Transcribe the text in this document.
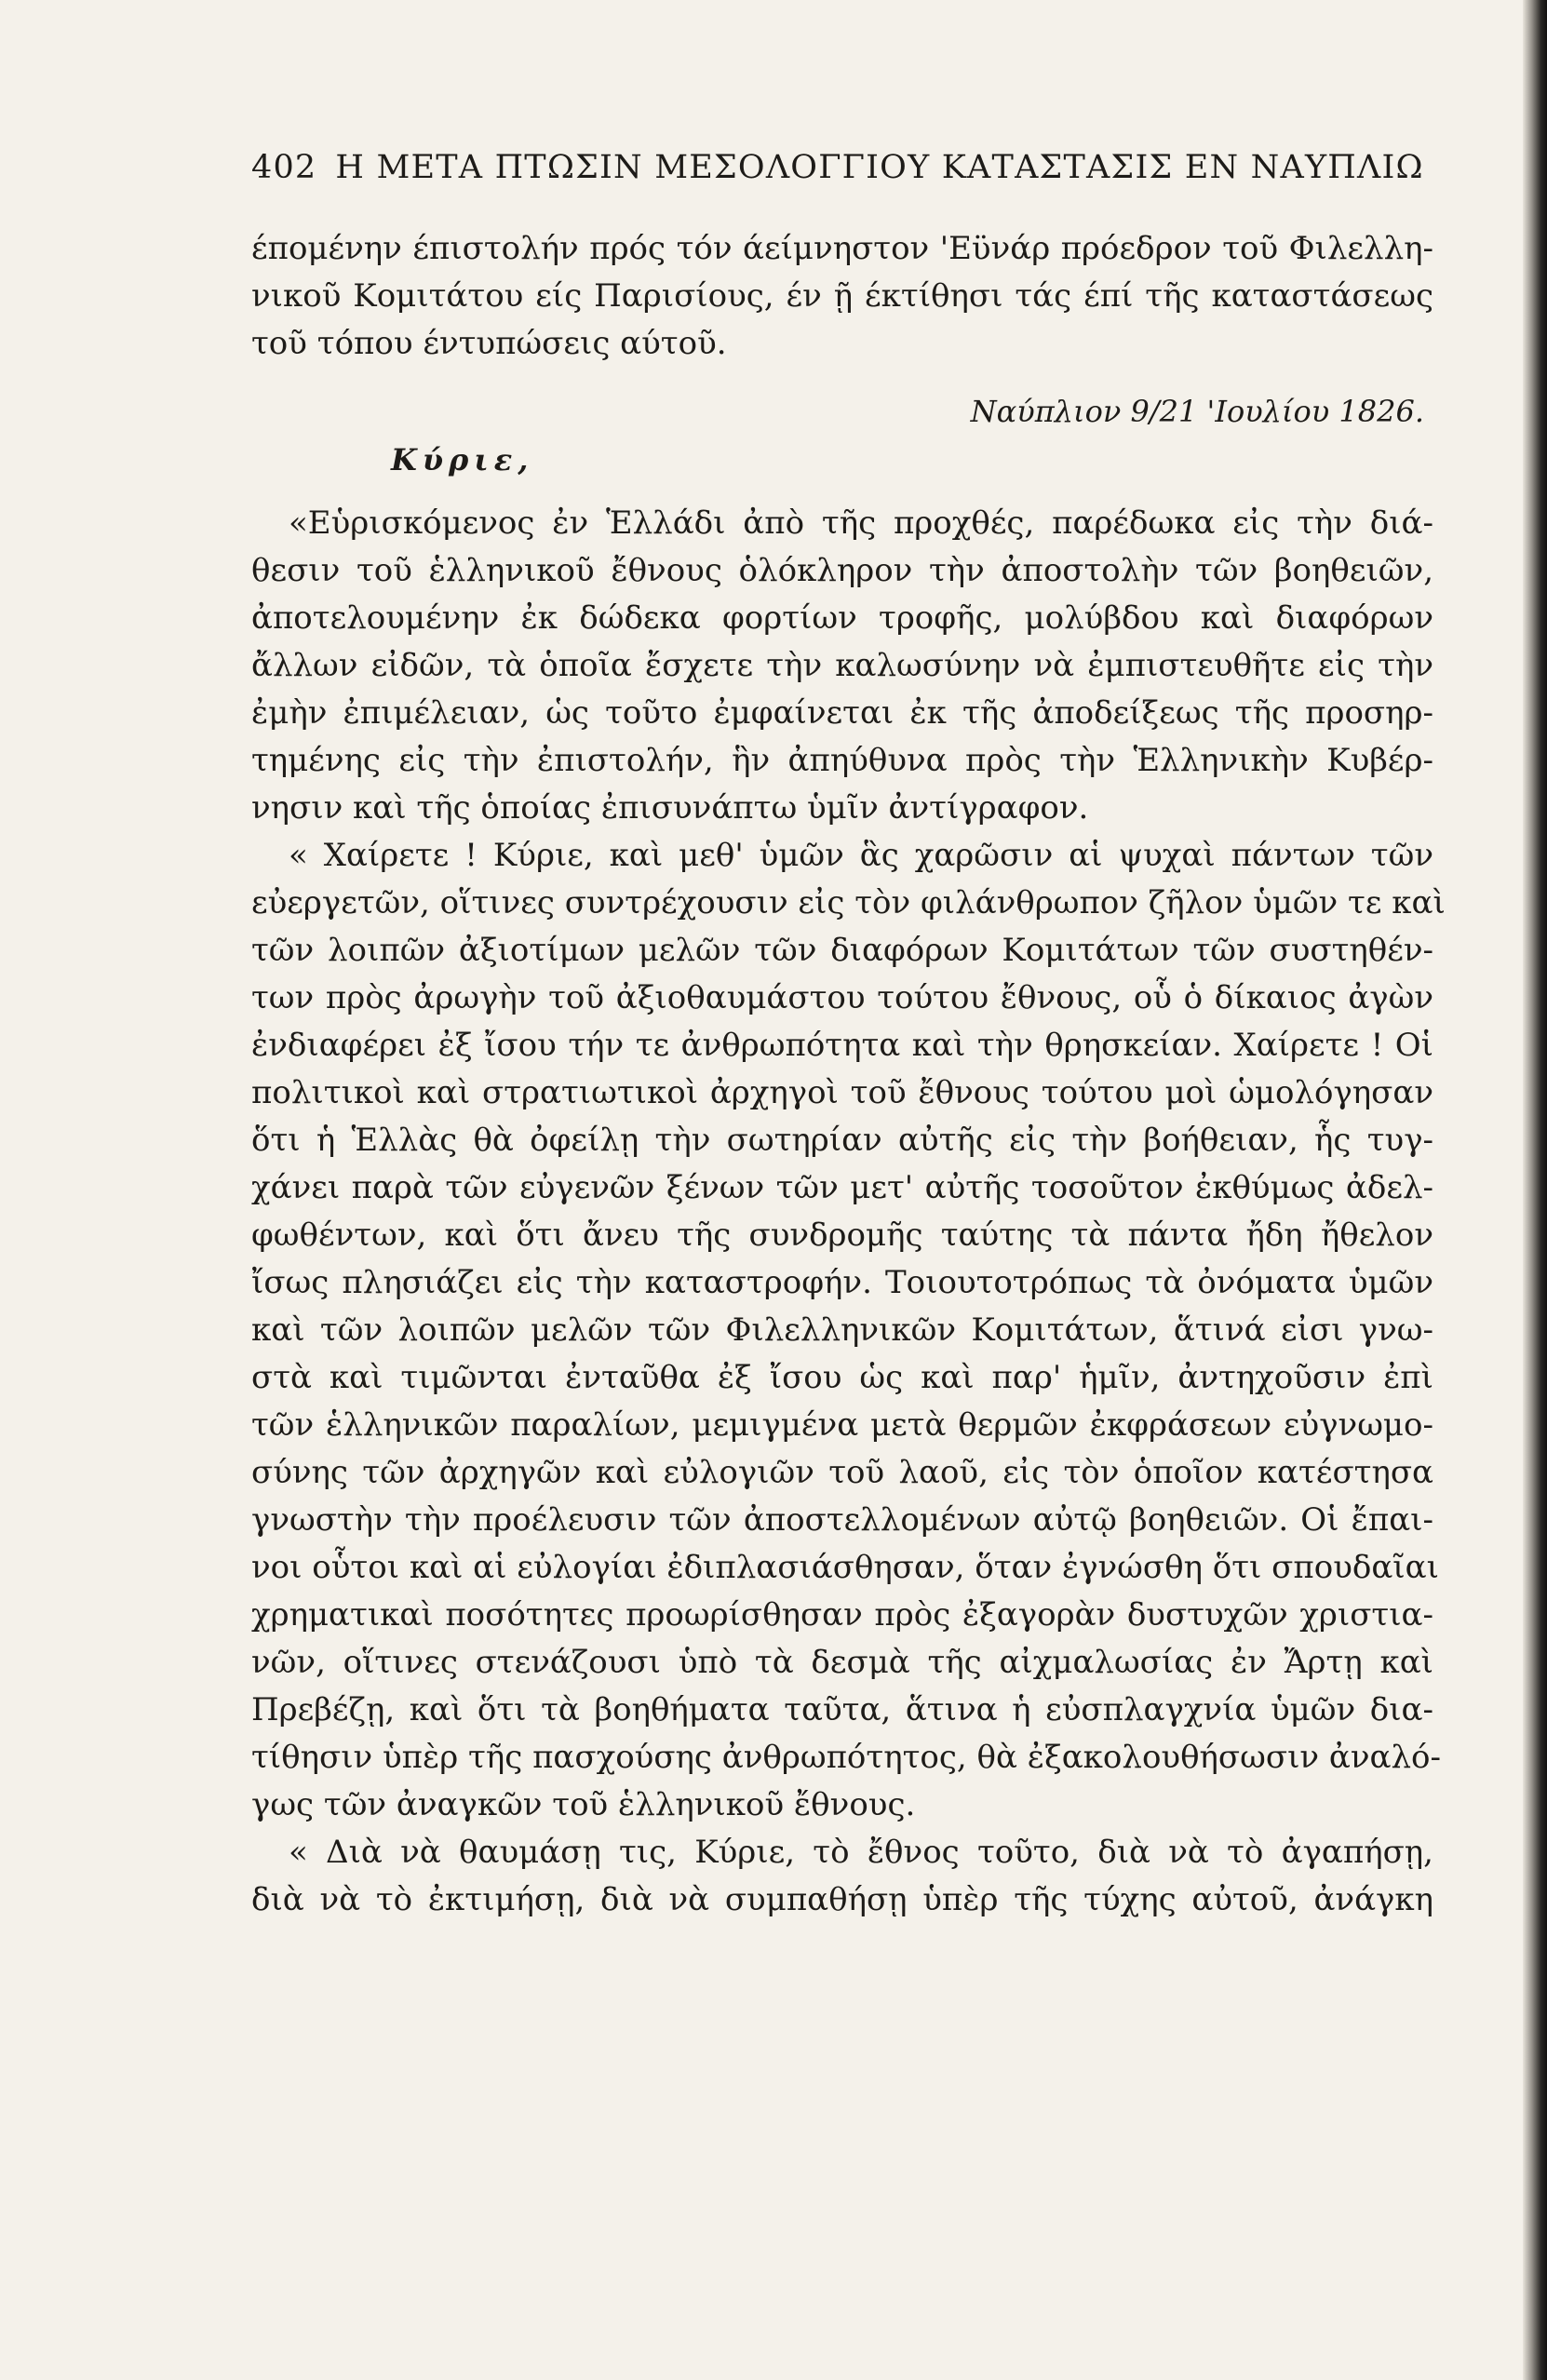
402 Η ΜΕΤΑ ΠΤΩΣΙΝ ΜΕΣΟΛΟΓΓΙΟΥ ΚΑΤΑΣΤΑΣΙΣ ΕΝ ΝΑΥΠΛΙΩ
έπομένην έπιστολήν πρός τόν άείμνηστον 'Εϋνάρ πρόεδρον τοῦ Φιλελλη-
νικοῦ Κομιτάτου είς Παρισίους, έν ῇ έκτίθησι τάς έπί τῆς καταστάσεως
τοῦ τόπου έντυπώσεις αύτοῦ.
Ναύπλιον 9/21 'Ιουλίου 1826.
Κύριε,
«Εὑρισκόμενος ἐν Ἑλλάδι ἀπὸ τῆς προχθές, παρέδωκα εἰς τὴν διά-
θεσιν τοῦ ἑλληνικοῦ ἔθνους ὁλόκληρον τὴν ἀποστολὴν τῶν βοηθειῶν,
ἀποτελουμένην ἐκ δώδεκα φορτίων τροφῆς, μολύβδου καὶ διαφόρων
ἄλλων εἰδῶν, τὰ ὁποῖα ἔσχετε τὴν καλωσύνην νὰ ἐμπιστευθῆτε εἰς τὴν
ἐμὴν ἐπιμέλειαν, ὡς τοῦτο ἐμφαίνεται ἐκ τῆς ἀποδείξεως τῆς προσηρ-
τημένης εἰς τὴν ἐπιστολήν, ἣν ἀπηύθυνα πρὸς τὴν Ἑλληνικὴν Κυβέρ-
νησιν καὶ τῆς ὁποίας ἐπισυνάπτω ὑμῖν ἀντίγραφον.
« Χαίρετε ! Κύριε, καὶ μεθ' ὑμῶν ἃς χαρῶσιν αἱ ψυχαὶ πάντων τῶν
εὐεργετῶν, οἵτινες συντρέχουσιν εἰς τὸν φιλάνθρωπον ζῆλον ὑμῶν τε καὶ
τῶν λοιπῶν ἀξιοτίμων μελῶν τῶν διαφόρων Κομιτάτων τῶν συστηθέν-
των πρὸς ἀρωγὴν τοῦ ἀξιοθαυμάστου τούτου ἔθνους, οὗ ὁ δίκαιος ἀγὼν
ἐνδιαφέρει ἐξ ἴσου τήν τε ἀνθρωπότητα καὶ τὴν θρησκείαν. Χαίρετε ! Οἱ
πολιτικοὶ καὶ στρατιωτικοὶ ἀρχηγοὶ τοῦ ἔθνους τούτου μοὶ ὡμολόγησαν
ὅτι ἡ Ἑλλὰς θὰ ὀφείλῃ τὴν σωτηρίαν αὐτῆς εἰς τὴν βοήθειαν, ἧς τυγ-
χάνει παρὰ τῶν εὐγενῶν ξένων τῶν μετ' αὐτῆς τοσοῦτον ἐκθύμως ἀδελ-
φωθέντων, καὶ ὅτι ἄνευ τῆς συνδρομῆς ταύτης τὰ πάντα ἤδη ἤθελον
ἴσως πλησιάζει εἰς τὴν καταστροφήν. Τοιουτοτρόπως τὰ ὀνόματα ὑμῶν
καὶ τῶν λοιπῶν μελῶν τῶν Φιλελληνικῶν Κομιτάτων, ἅτινά εἰσι γνω-
στὰ καὶ τιμῶνται ἐνταῦθα ἐξ ἴσου ὡς καὶ παρ' ἡμῖν, ἀντηχοῦσιν ἐπὶ
τῶν ἑλληνικῶν παραλίων, μεμιγμένα μετὰ θερμῶν ἐκφράσεων εὐγνωμο-
σύνης τῶν ἀρχηγῶν καὶ εὐλογιῶν τοῦ λαοῦ, εἰς τὸν ὁποῖον κατέστησα
γνωστὴν τὴν προέλευσιν τῶν ἀποστελλομένων αὐτῷ βοηθειῶν. Οἱ ἔπαι-
νοι οὗτοι καὶ αἱ εὐλογίαι ἐδιπλασιάσθησαν, ὅταν ἐγνώσθη ὅτι σπουδαῖαι
χρηματικαὶ ποσότητες προωρίσθησαν πρὸς ἐξαγορὰν δυστυχῶν χριστια-
νῶν, οἵτινες στενάζουσι ὑπὸ τὰ δεσμὰ τῆς αἰχμαλωσίας ἐν Ἄρτῃ καὶ
Πρεβέζῃ, καὶ ὅτι τὰ βοηθήματα ταῦτα, ἅτινα ἡ εὐσπλαγχνία ὑμῶν δια-
τίθησιν ὑπὲρ τῆς πασχούσης ἀνθρωπότητος, θὰ ἐξακολουθήσωσιν ἀναλό-
γως τῶν ἀναγκῶν τοῦ ἑλληνικοῦ ἔθνους.
« Διὰ νὰ θαυμάσῃ τις, Κύριε, τὸ ἔθνος τοῦτο, διὰ νὰ τὸ ἀγαπήσῃ,
διὰ νὰ τὸ ἐκτιμήσῃ, διὰ νὰ συμπαθήσῃ ὑπὲρ τῆς τύχης αὐτοῦ, ἀνάγκη
